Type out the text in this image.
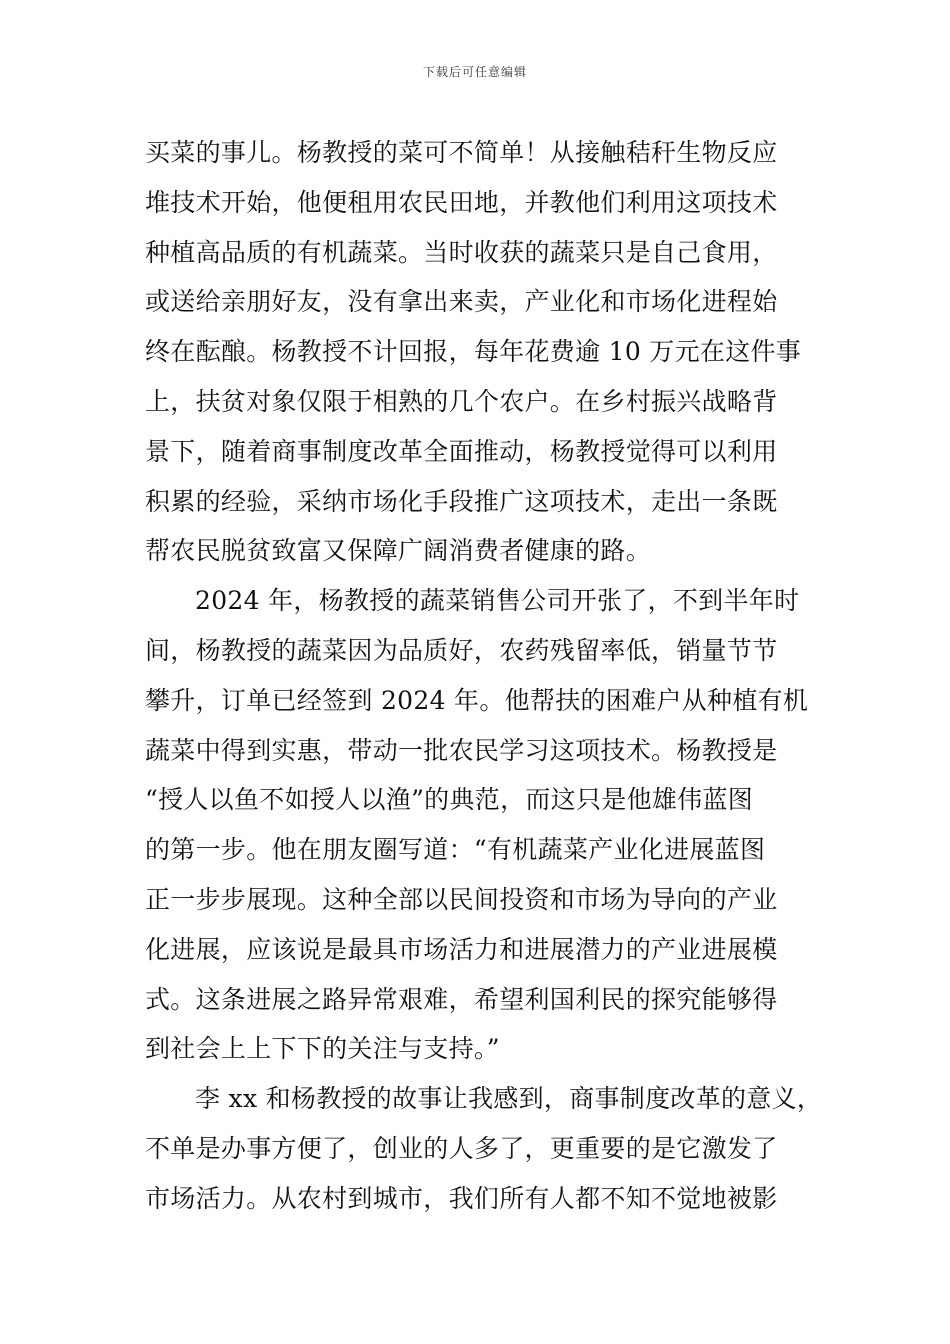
下载后可任意编辑
买菜的事儿。杨教授的菜可不简单！从接触秸秆生物反应
堆技术开始，他便租用农民田地，并教他们利用这项技术
种植高品质的有机蔬菜。当时收获的蔬菜只是自己食用，
或送给亲朋好友，没有拿出来卖，产业化和市场化进程始
终在酝酿。杨教授不计回报，每年花费逾 10 万元在这件事
上，扶贫对象仅限于相熟的几个农户。在乡村振兴战略背
景下，随着商事制度改革全面推动，杨教授觉得可以利用
积累的经验，采纳市场化手段推广这项技术，走出一条既
帮农民脱贫致富又保障广阔消费者健康的路。
2024 年，杨教授的蔬菜销售公司开张了，不到半年时
间，杨教授的蔬菜因为品质好，农药残留率低，销量节节
攀升，订单已经签到 2024 年。他帮扶的困难户从种植有机
蔬菜中得到实惠，带动一批农民学习这项技术。杨教授是
“授人以鱼不如授人以渔”的典范，而这只是他雄伟蓝图
的第一步。他在朋友圈写道：“有机蔬菜产业化进展蓝图
正一步步展现。这种全部以民间投资和市场为导向的产业
化进展，应该说是最具市场活力和进展潜力的产业进展模
式。这条进展之路异常艰难，希望利国利民的探究能够得
到社会上上下下的关注与支持。”
李 xx 和杨教授的故事让我感到，商事制度改革的意义，
不单是办事方便了，创业的人多了，更重要的是它激发了
市场活力。从农村到城市，我们所有人都不知不觉地被影
